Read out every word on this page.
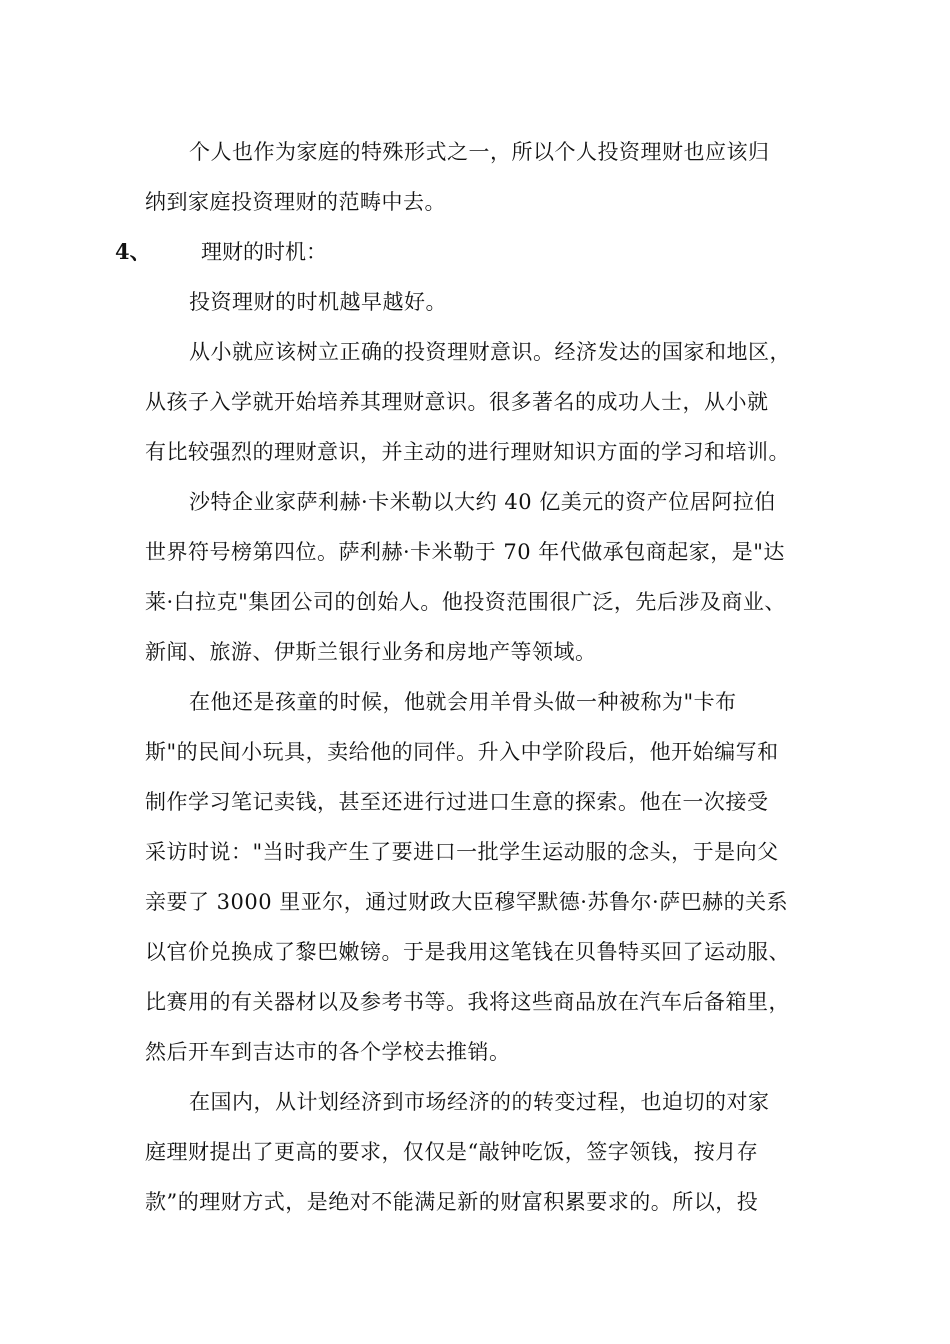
个人也作为家庭的特殊形式之一，所以个人投资理财也应该归
纳到家庭投资理财的范畴中去。
4、 理财的时机：
投资理财的时机越早越好。
从小就应该树立正确的投资理财意识。经济发达的国家和地区，
从孩子入学就开始培养其理财意识。很多著名的成功人士，从小就
有比较强烈的理财意识，并主动的进行理财知识方面的学习和培训。
沙特企业家萨利赫·卡米勒以大约 40 亿美元的资产位居阿拉伯
世界符号榜第四位。萨利赫·卡米勒于 70 年代做承包商起家，是"达
莱·白拉克"集团公司的创始人。他投资范围很广泛，先后涉及商业、
新闻、旅游、伊斯兰银行业务和房地产等领域。
在他还是孩童的时候，他就会用羊骨头做一种被称为"卡布
斯"的民间小玩具，卖给他的同伴。升入中学阶段后，他开始编写和
制作学习笔记卖钱，甚至还进行过进口生意的探索。他在一次接受
采访时说："当时我产生了要进口一批学生运动服的念头，于是向父
亲要了 3000 里亚尔，通过财政大臣穆罕默德·苏鲁尔·萨巴赫的关系
以官价兑换成了黎巴嫩镑。于是我用这笔钱在贝鲁特买回了运动服、
比赛用的有关器材以及参考书等。我将这些商品放在汽车后备箱里，
然后开车到吉达市的各个学校去推销。
在国内，从计划经济到市场经济的的转变过程，也迫切的对家
庭理财提出了更高的要求，仅仅是“敲钟吃饭，签字领钱，按月存
款”的理财方式，是绝对不能满足新的财富积累要求的。所以，投
